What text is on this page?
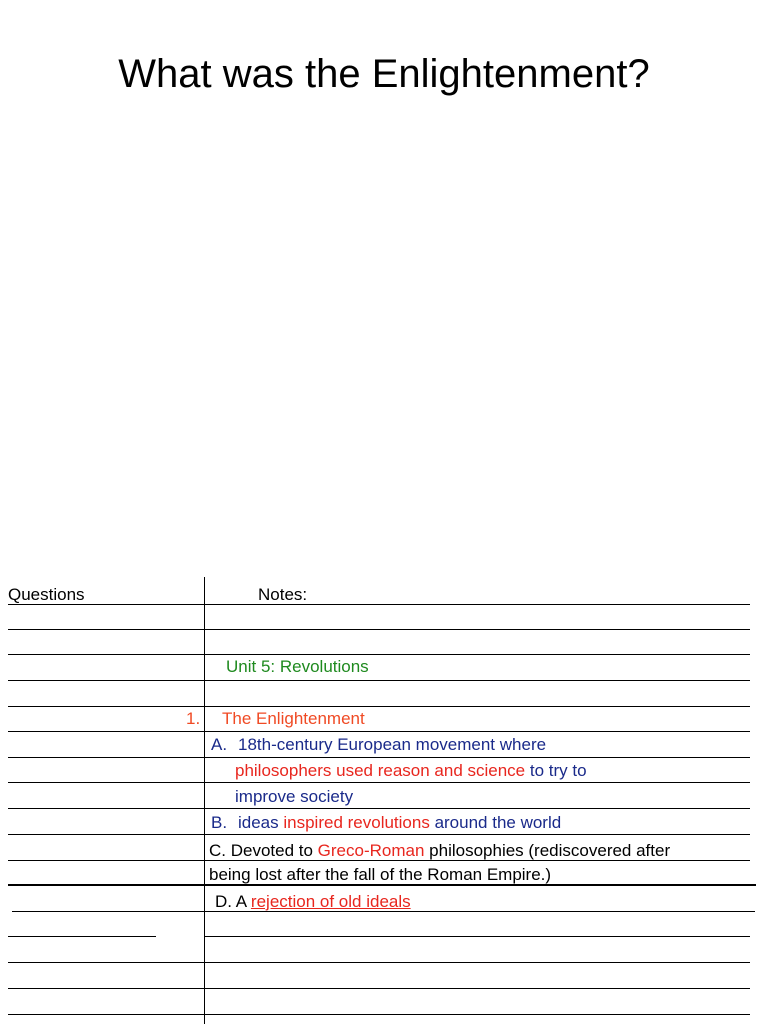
What was the Enlightenment?
Questions	Notes:
Unit 5: Revolutions
1. The Enlightenment
A. 18th-century European movement where
philosophers used reason and science to try to
improve society
B. ideas inspired revolutions around the world
C. Devoted to Greco-Roman philosophies (rediscovered after
being lost after the fall of the Roman Empire.)
D. A rejection of old ideals
